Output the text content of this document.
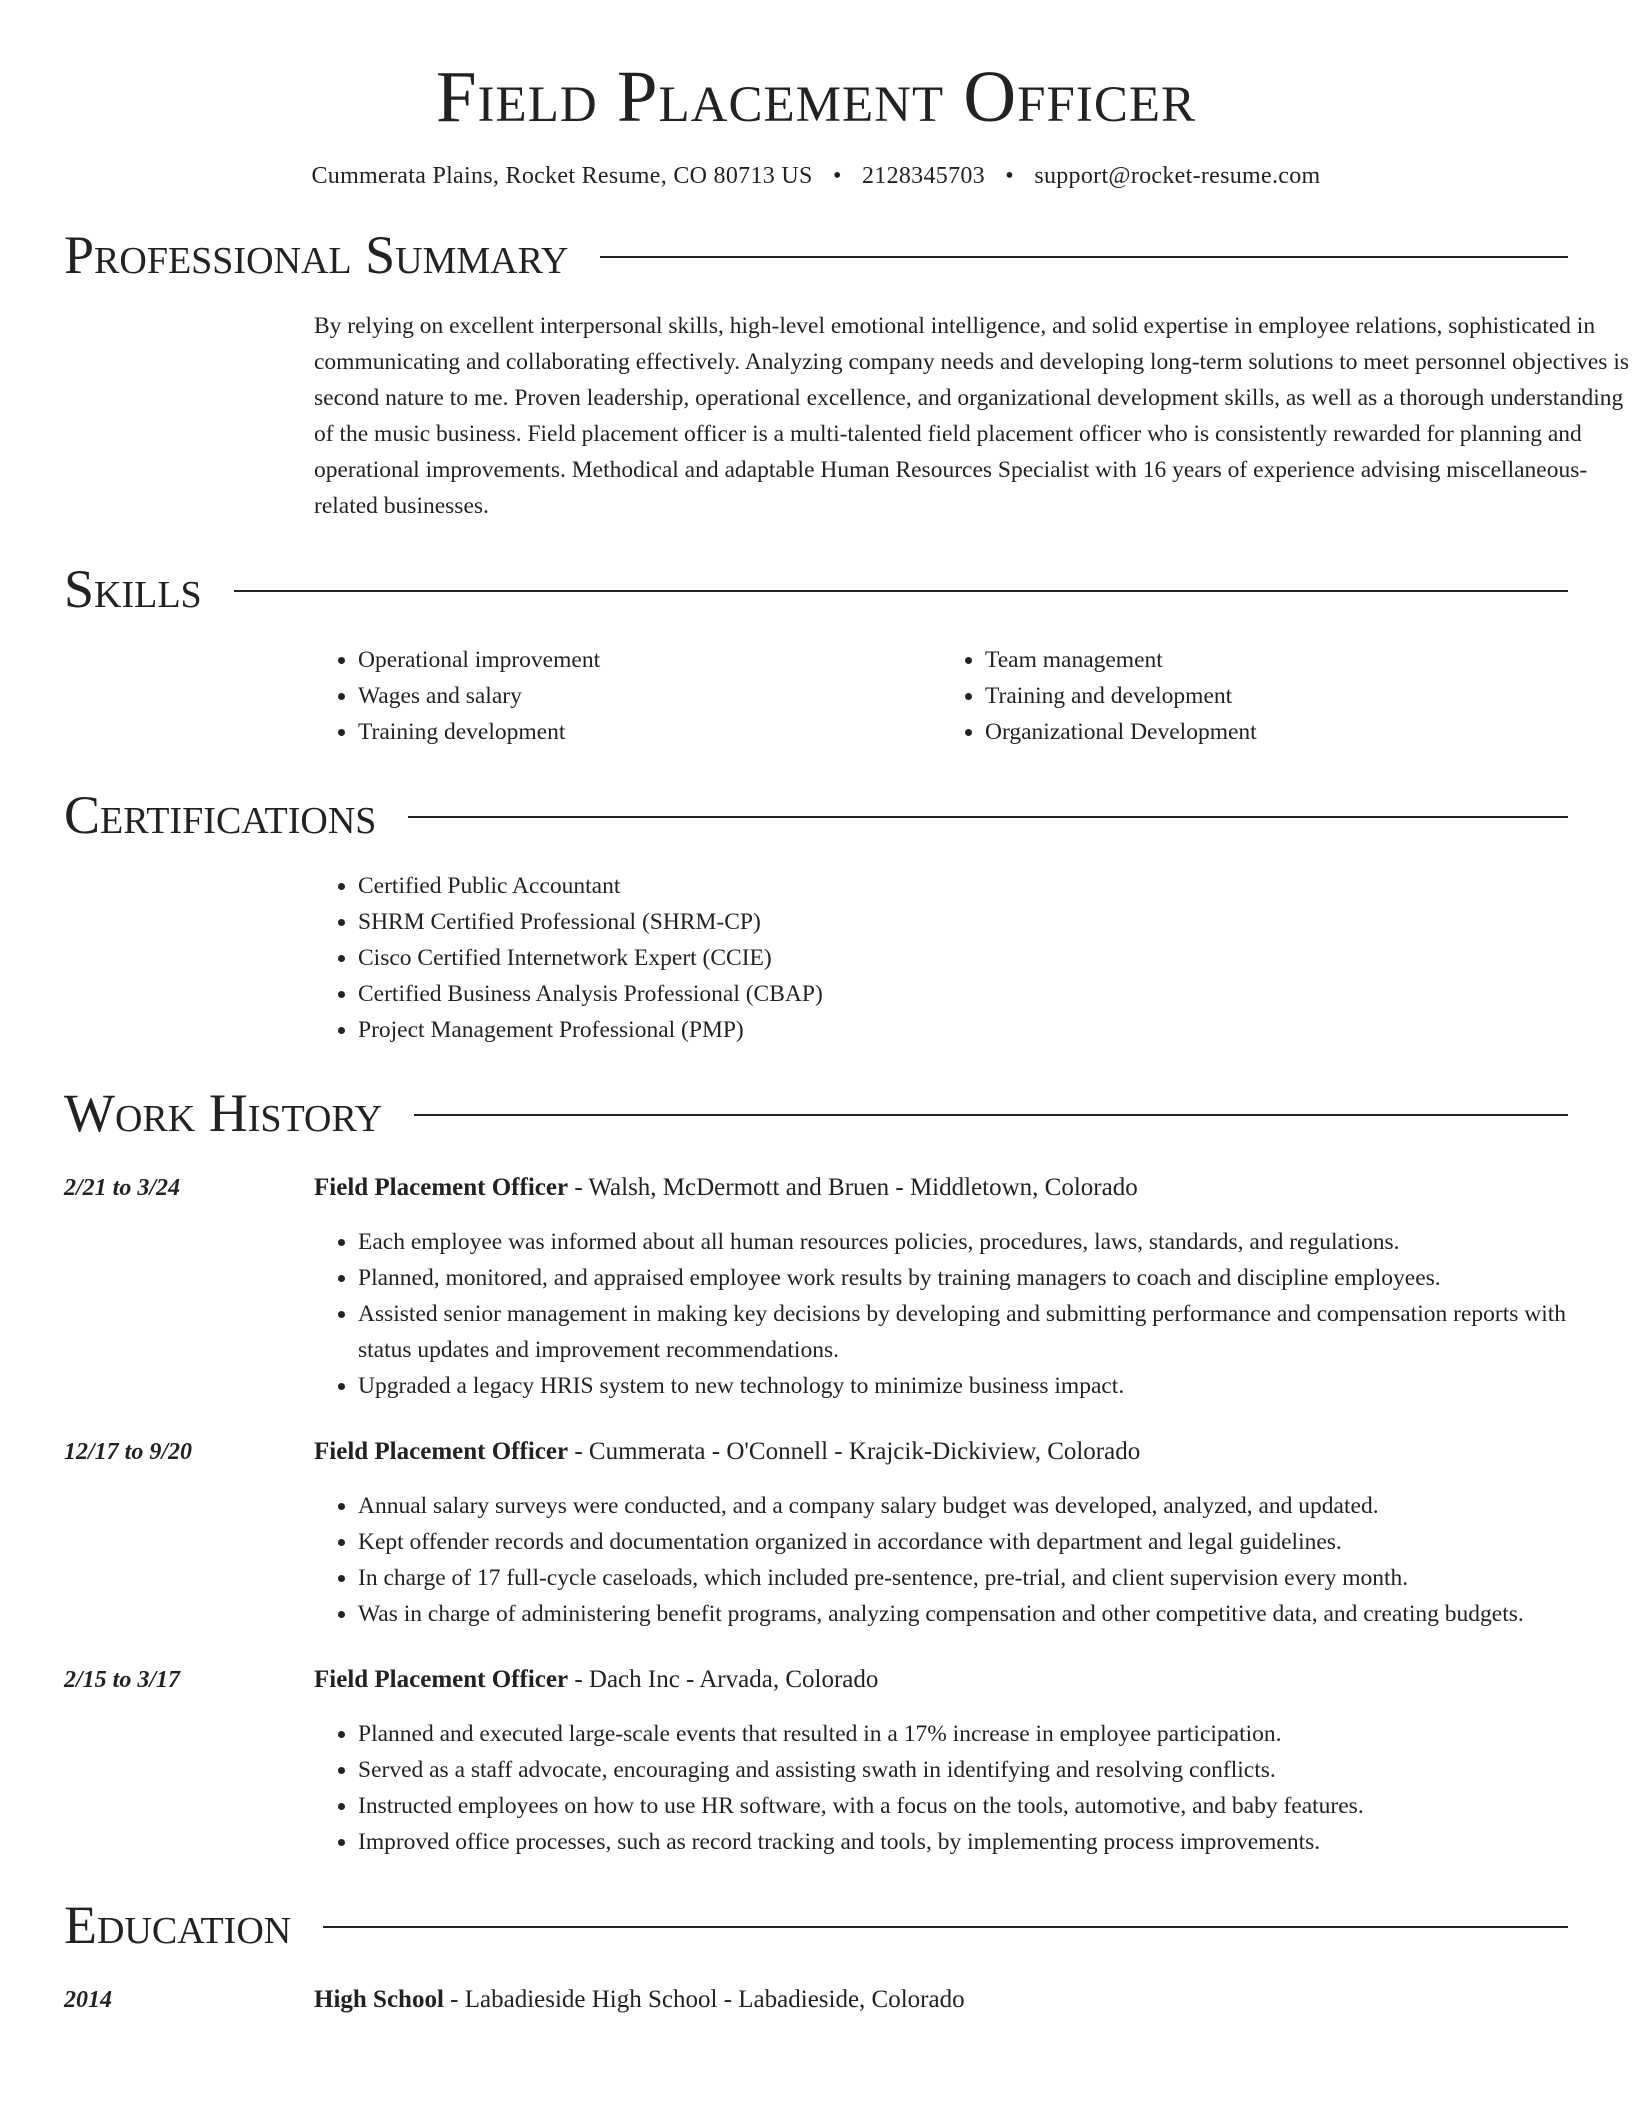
Field Placement Officer
Cummerata Plains, Rocket Resume, CO 80713 US • 2128345703 • support@rocket-resume.com
Professional Summary
By relying on excellent interpersonal skills, high-level emotional intelligence, and solid expertise in employee relations, sophisticated in communicating and collaborating effectively. Analyzing company needs and developing long-term solutions to meet personnel objectives is second nature to me. Proven leadership, operational excellence, and organizational development skills, as well as a thorough understanding of the music business. Field placement officer is a multi-talented field placement officer who is consistently rewarded for planning and operational improvements. Methodical and adaptable Human Resources Specialist with 16 years of experience advising miscellaneous-related businesses.
Skills
• Operational improvement
• Wages and salary
• Training development
• Team management
• Training and development
• Organizational Development
Certifications
• Certified Public Accountant
• SHRM Certified Professional (SHRM-CP)
• Cisco Certified Internetwork Expert (CCIE)
• Certified Business Analysis Professional (CBAP)
• Project Management Professional (PMP)
Work History
2/21 to 3/24	Field Placement Officer - Walsh, McDermott and Bruen - Middletown, Colorado
• Each employee was informed about all human resources policies, procedures, laws, standards, and regulations.
• Planned, monitored, and appraised employee work results by training managers to coach and discipline employees.
• Assisted senior management in making key decisions by developing and submitting performance and compensation reports with status updates and improvement recommendations.
• Upgraded a legacy HRIS system to new technology to minimize business impact.
12/17 to 9/20	Field Placement Officer - Cummerata - O'Connell - Krajcik-Dickiview, Colorado
• Annual salary surveys were conducted, and a company salary budget was developed, analyzed, and updated.
• Kept offender records and documentation organized in accordance with department and legal guidelines.
• In charge of 17 full-cycle caseloads, which included pre-sentence, pre-trial, and client supervision every month.
• Was in charge of administering benefit programs, analyzing compensation and other competitive data, and creating budgets.
2/15 to 3/17	Field Placement Officer - Dach Inc - Arvada, Colorado
• Planned and executed large-scale events that resulted in a 17% increase in employee participation.
• Served as a staff advocate, encouraging and assisting swath in identifying and resolving conflicts.
• Instructed employees on how to use HR software, with a focus on the tools, automotive, and baby features.
• Improved office processes, such as record tracking and tools, by implementing process improvements.
Education
2014	High School - Labadieside High School - Labadieside, Colorado
